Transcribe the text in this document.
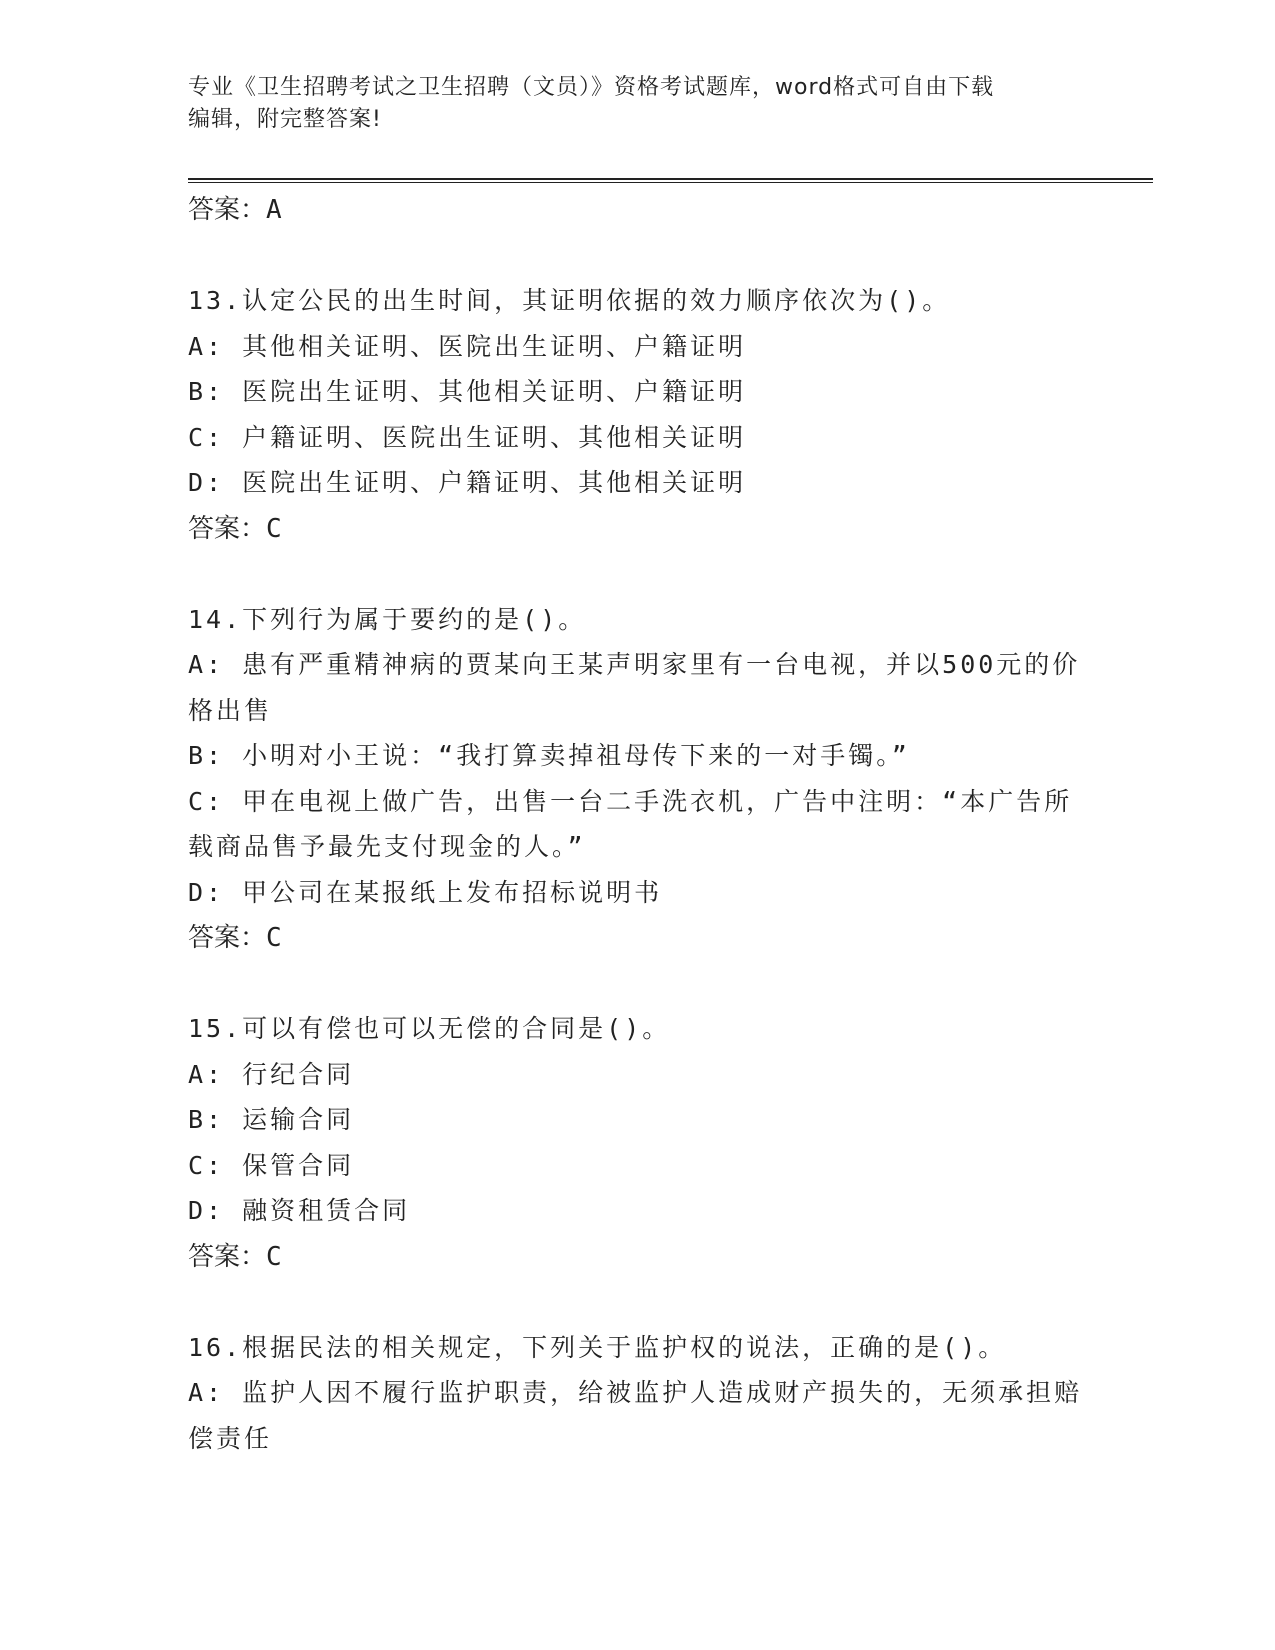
专业《卫生招聘考试之卫生招聘（文员）》资格考试题库，word格式可自由下载
编辑，附完整答案!
答案：A
13.认定公民的出生时间，其证明依据的效力顺序依次为()。
A: 其他相关证明、医院出生证明、户籍证明
B: 医院出生证明、其他相关证明、户籍证明
C: 户籍证明、医院出生证明、其他相关证明
D: 医院出生证明、户籍证明、其他相关证明
答案：C
14.下列行为属于要约的是()。
A: 患有严重精神病的贾某向王某声明家里有一台电视，并以500元的价格出售
B: 小明对小王说：“我打算卖掉祖母传下来的一对手镯。”
C: 甲在电视上做广告，出售一台二手洗衣机，广告中注明：“本广告所载商品售予最先支付现金的人。”
D: 甲公司在某报纸上发布招标说明书
答案：C
15.可以有偿也可以无偿的合同是()。
A: 行纪合同
B: 运输合同
C: 保管合同
D: 融资租赁合同
答案：C
16.根据民法的相关规定，下列关于监护权的说法，正确的是()。
A: 监护人因不履行监护职责，给被监护人造成财产损失的，无须承担赔偿责任
